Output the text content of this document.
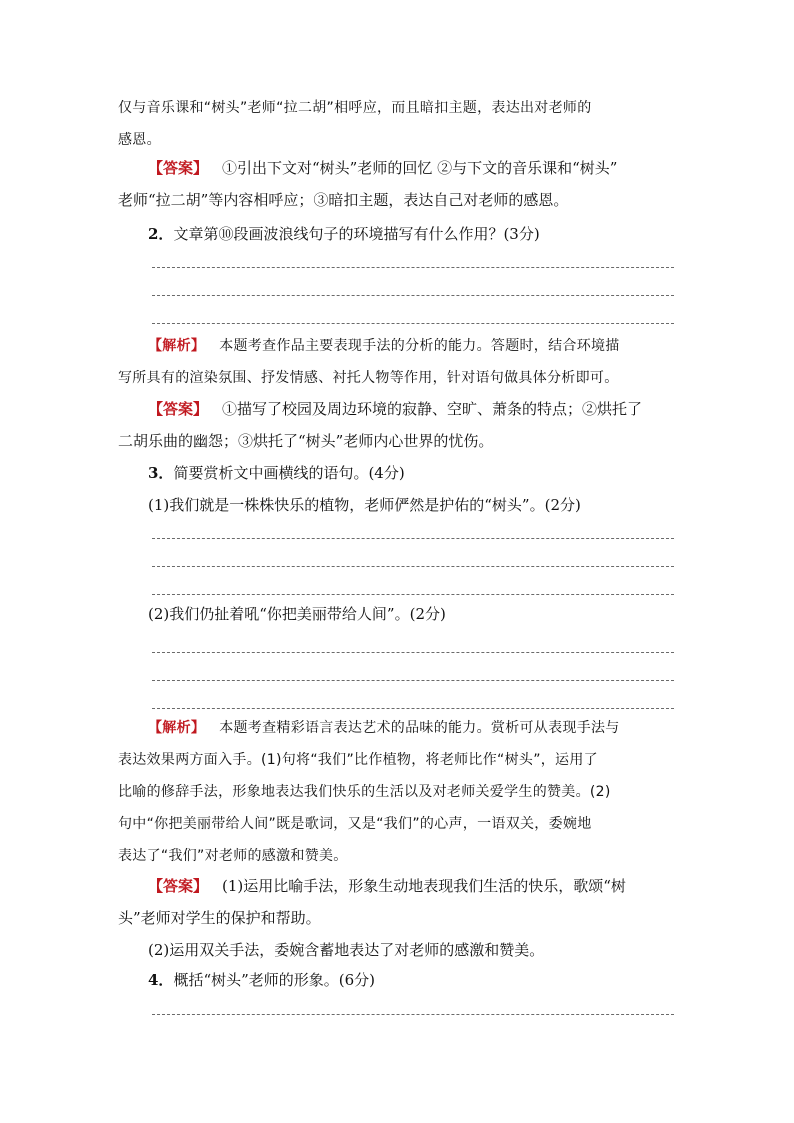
仅与音乐课和“树头”老师“拉二胡”相呼应，而且暗扣主题，表达出对老师的
感恩。
【答案】 ①引出下文对“树头”老师的回忆 ②与下文的音乐课和“树头”
老师“拉二胡”等内容相呼应；③暗扣主题，表达自己对老师的感恩。
2．文章第⑩段画波浪线句子的环境描写有什么作用？(3分)
【解析】 本题考查作品主要表现手法的分析的能力。答题时，结合环境描
写所具有的渲染氛围、抒发情感、衬托人物等作用，针对语句做具体分析即可。
【答案】 ①描写了校园及周边环境的寂静、空旷、萧条的特点；②烘托了
二胡乐曲的幽怨；③烘托了“树头”老师内心世界的忧伤。
3．简要赏析文中画横线的语句。(4分)
(1)我们就是一株株快乐的植物，老师俨然是护佑的“树头”。(2分)
(2)我们仍扯着吼“你把美丽带给人间”。(2分)
【解析】 本题考查精彩语言表达艺术的品味的能力。赏析可从表现手法与
表达效果两方面入手。(1)句将“我们”比作植物，将老师比作“树头”，运用了
比喻的修辞手法，形象地表达我们快乐的生活以及对老师关爱学生的赞美。(2)
句中“你把美丽带给人间”既是歌词，又是“我们”的心声，一语双关，委婉地
表达了“我们”对老师的感激和赞美。
【答案】 (1)运用比喻手法，形象生动地表现我们生活的快乐，歌颂“树
头”老师对学生的保护和帮助。
(2)运用双关手法，委婉含蓄地表达了对老师的感激和赞美。
4．概括“树头”老师的形象。(6分)
